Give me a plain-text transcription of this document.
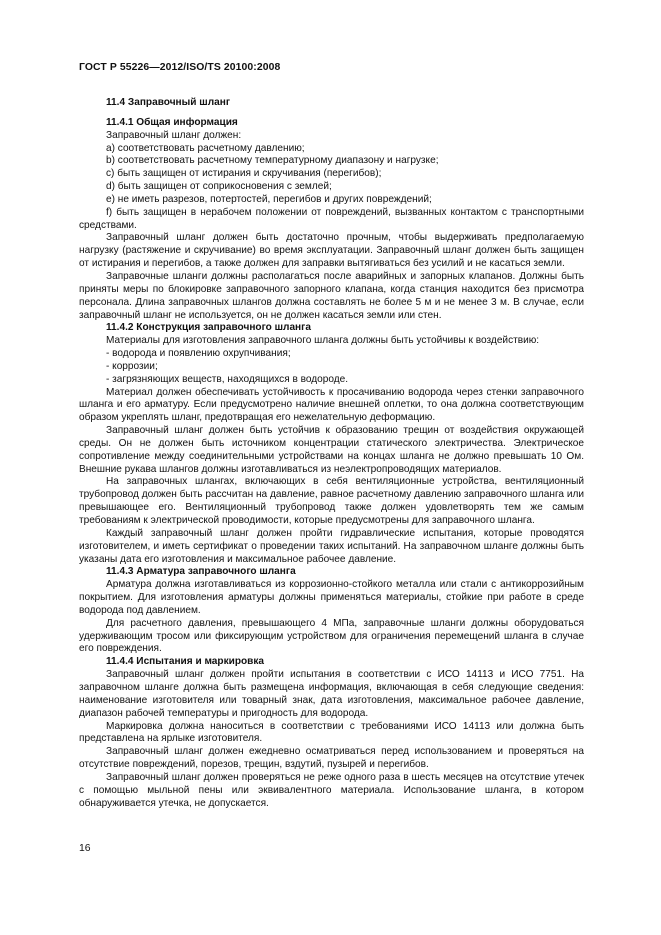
ГОСТ Р 55226—2012/ISO/TS 20100:2008

11.4 Заправочный шланг

11.4.1 Общая информация

Заправочный шланг должен:

a) соответствовать расчетному давлению;

b) соответствовать расчетному температурному диапазону и нагрузке;

c) быть защищен от истирания и скручивания (перегибов);

d) быть защищен от соприкосновения с землей;

e) не иметь разрезов, потертостей, перегибов и других повреждений;

f) быть защищен в нерабочем положении от повреждений, вызванных контактом с транспортными средствами.

Заправочный шланг должен быть достаточно прочным, чтобы выдерживать предполагаемую нагрузку (растяжение и скручивание) во время эксплуатации. Заправочный шланг должен быть защищен от истирания и перегибов, а также должен для заправки вытягиваться без усилий и не касаться земли.

Заправочные шланги должны располагаться после аварийных и запорных клапанов. Должны быть приняты меры по блокировке заправочного запорного клапана, когда станция находится без присмотра персонала. Длина заправочных шлангов должна составлять не более 5 м и не менее 3 м. В случае, если заправочный шланг не используется, он не должен касаться земли или стен.

11.4.2 Конструкция заправочного шланга

Материалы для изготовления заправочного шланга должны быть устойчивы к воздействию:

- водорода и появлению охрупчивания;

- коррозии;

- загрязняющих веществ, находящихся в водороде.

Материал должен обеспечивать устойчивость к просачиванию водорода через стенки заправочного шланга и его арматуру. Если предусмотрено наличие внешней оплетки, то она должна соответствующим образом укреплять шланг, предотвращая его нежелательную деформацию.

Заправочный шланг должен быть устойчив к образованию трещин от воздействия окружающей среды. Он не должен быть источником концентрации статического электричества. Электрическое сопротивление между соединительными устройствами на концах шланга не должно превышать 10 Ом. Внешние рукава шлангов должны изготавливаться из неэлектропроводящих материалов.

На заправочных шлангах, включающих в себя вентиляционные устройства, вентиляционный трубопровод должен быть рассчитан на давление, равное расчетному давлению заправочного шланга или превышающее его. Вентиляционный трубопровод также должен удовлетворять тем же самым требованиям к электрической проводимости, которые предусмотрены для заправочного шланга.

Каждый заправочный шланг должен пройти гидравлические испытания, которые проводятся изготовителем, и иметь сертификат о проведении таких испытаний. На заправочном шланге должны быть указаны дата его изготовления и максимальное рабочее давление.

11.4.3 Арматура заправочного шланга

Арматура должна изготавливаться из коррозионно-стойкого металла или стали с антикоррозийным покрытием. Для изготовления арматуры должны применяться материалы, стойкие при работе в среде водорода под давлением.

Для расчетного давления, превышающего 4 МПа, заправочные шланги должны оборудоваться удерживающим тросом или фиксирующим устройством для ограничения перемещений шланга в случае его повреждения.

11.4.4 Испытания и маркировка

Заправочный шланг должен пройти испытания в соответствии с ИСО 14113 и ИСО 7751. На заправочном шланге должна быть размещена информация, включающая в себя следующие сведения: наименование изготовителя или товарный знак, дата изготовления, максимальное рабочее давление, диапазон рабочей температуры и пригодность для водорода.

Маркировка должна наноситься в соответствии с требованиями ИСО 14113 или должна быть представлена на ярлыке изготовителя.

Заправочный шланг должен ежедневно осматриваться перед использованием и проверяться на отсутствие повреждений, порезов, трещин, вздутий, пузырей и перегибов.

Заправочный шланг должен проверяться не реже одного раза в шесть месяцев на отсутствие утечек с помощью мыльной пены или эквивалентного материала. Использование шланга, в котором обнаруживается утечка, не допускается.

16
